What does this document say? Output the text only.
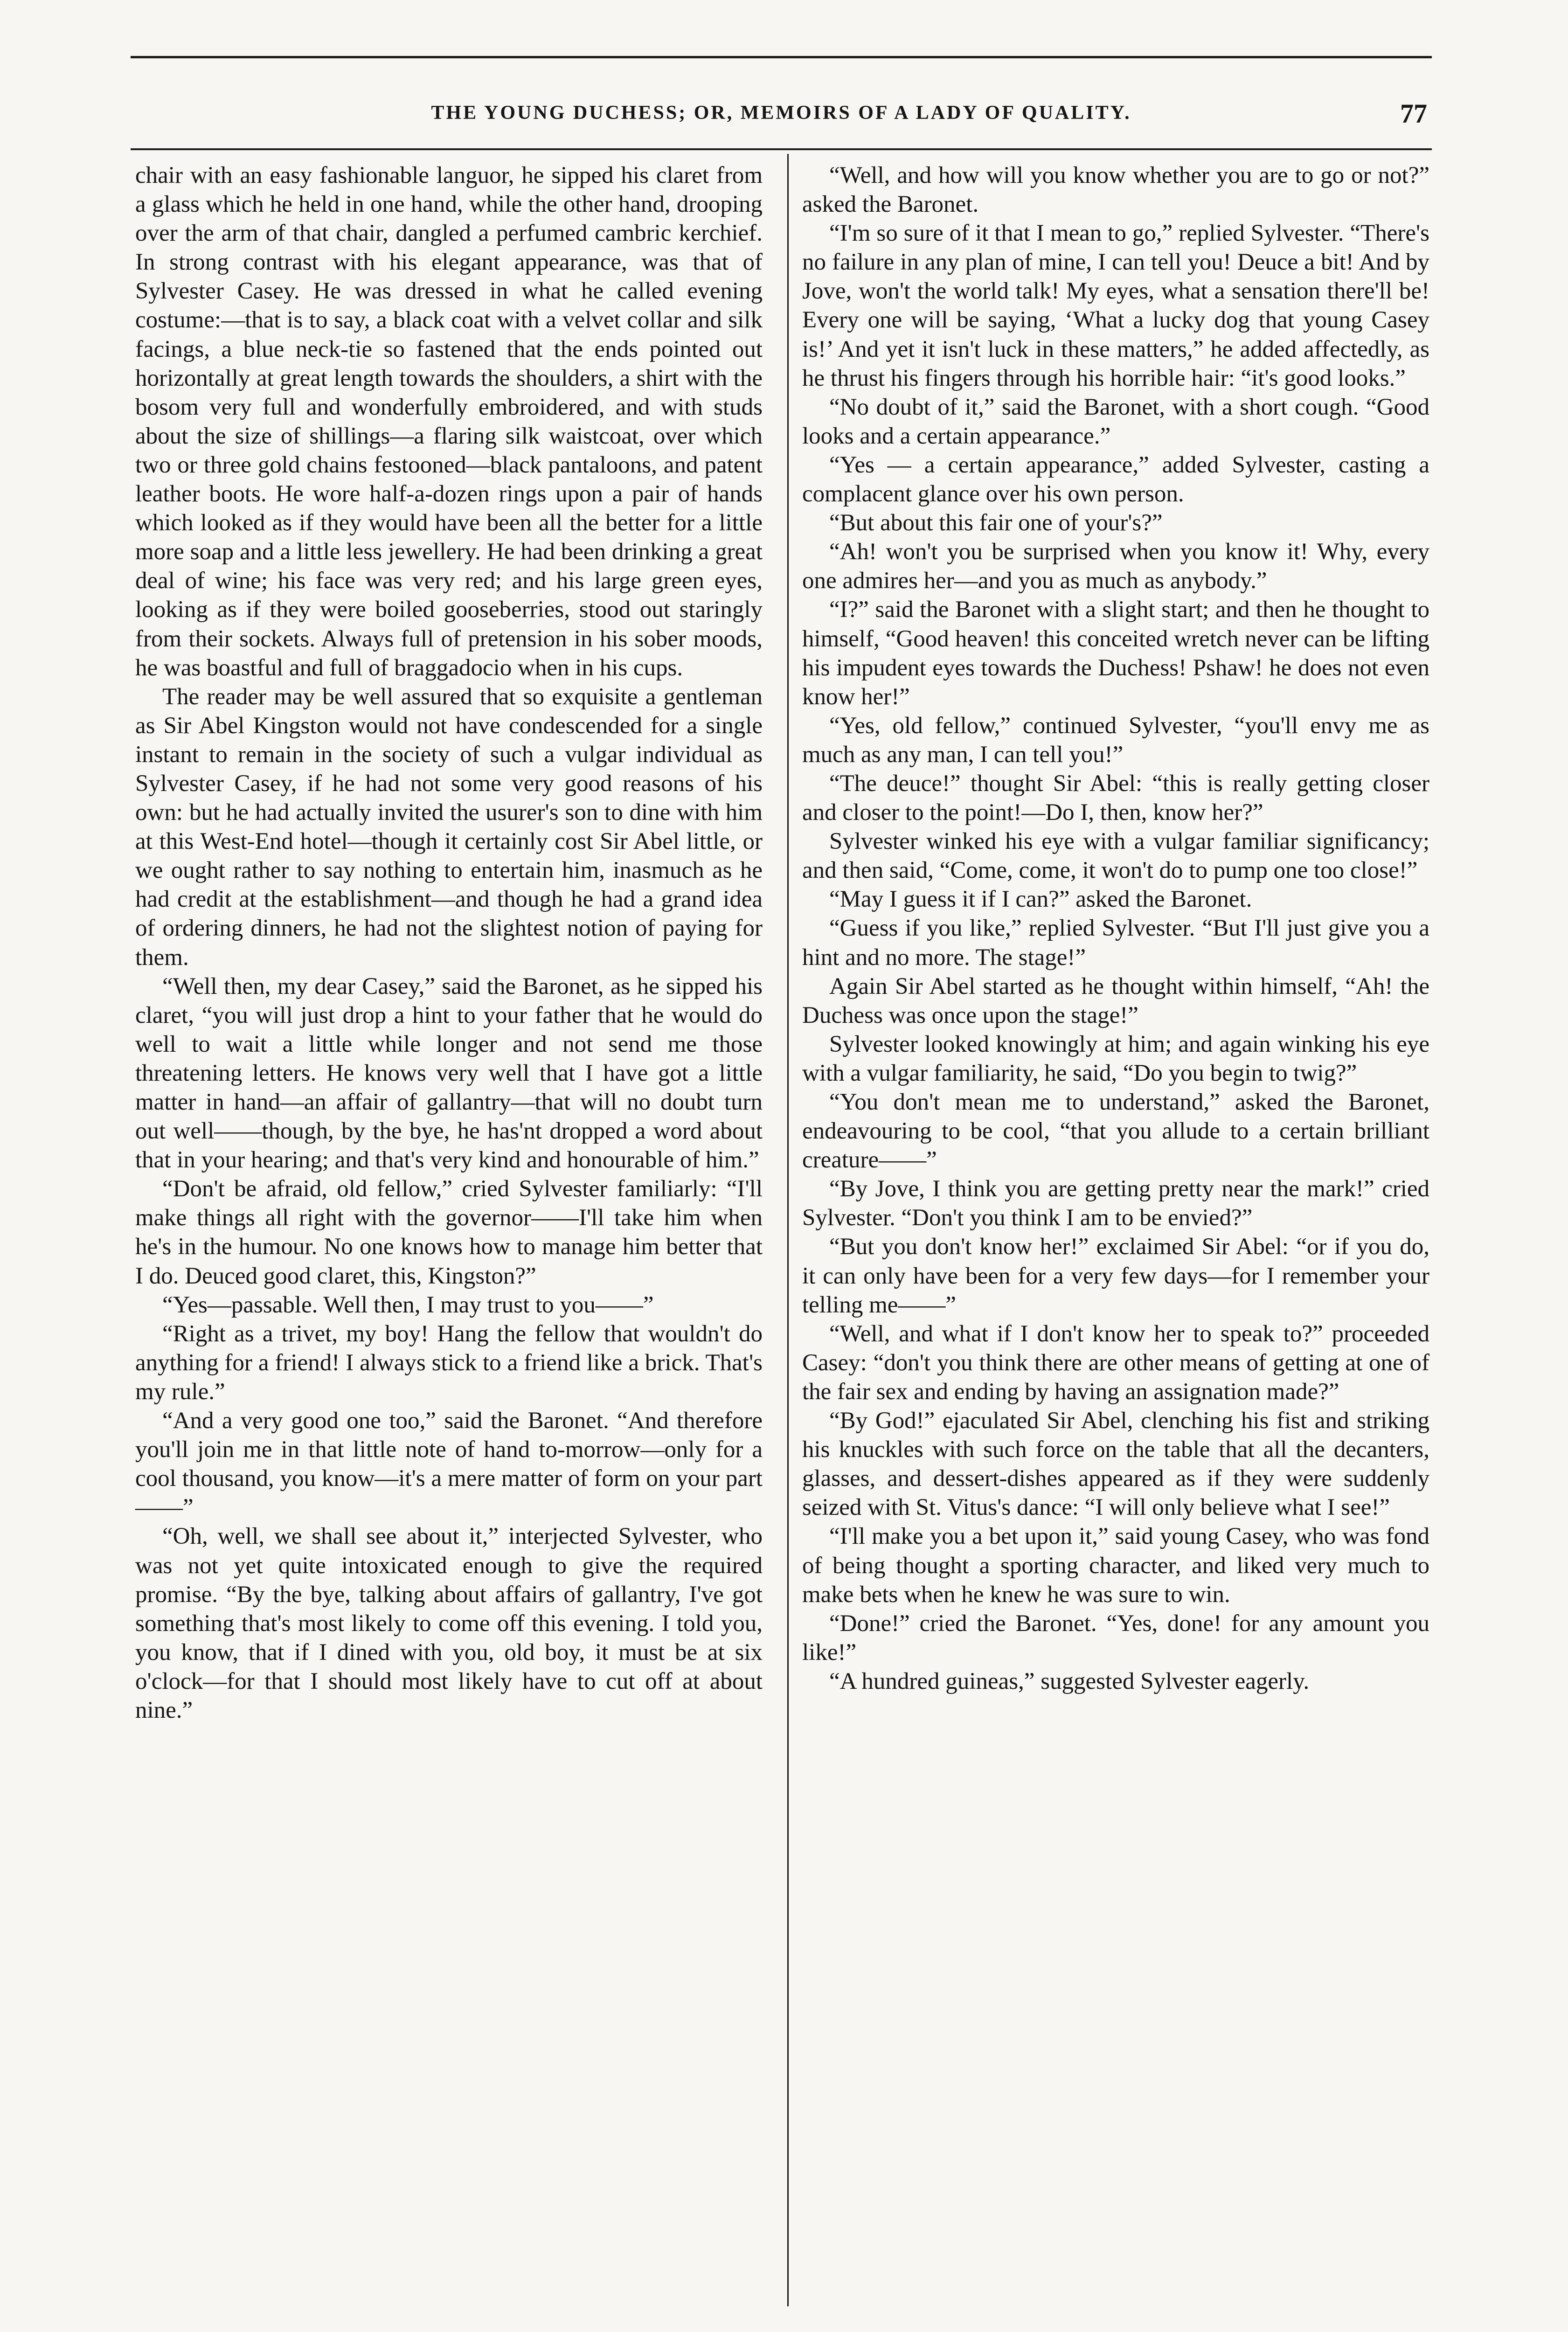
THE YOUNG DUCHESS; OR, MEMOIRS OF A LADY OF QUALITY.	77

chair with an easy fashionable languor, he sipped his claret from a glass which he held in one hand, while the other hand, drooping over the arm of that chair, dangled a perfumed cambric kerchief. In strong contrast with his elegant appearance, was that of Sylvester Casey. He was dressed in what he called evening costume:—that is to say, a black coat with a velvet collar and silk facings, a blue neck-tie so fastened that the ends pointed out horizontally at great length towards the shoulders, a shirt with the bosom very full and wonderfully embroidered, and with studs about the size of shillings—a flaring silk waistcoat, over which two or three gold chains festooned—black pantaloons, and patent leather boots. He wore half-a-dozen rings upon a pair of hands which looked as if they would have been all the better for a little more soap and a little less jewellery. He had been drinking a great deal of wine; his face was very red; and his large green eyes, looking as if they were boiled gooseberries, stood out staringly from their sockets. Always full of pretension in his sober moods, he was boastful and full of braggadocio when in his cups.

The reader may be well assured that so exquisite a gentleman as Sir Abel Kingston would not have condescended for a single instant to remain in the society of such a vulgar individual as Sylvester Casey, if he had not some very good reasons of his own: but he had actually invited the usurer's son to dine with him at this West-End hotel—though it certainly cost Sir Abel little, or we ought rather to say nothing to entertain him, inasmuch as he had credit at the establishment—and though he had a grand idea of ordering dinners, he had not the slightest notion of paying for them.

“Well then, my dear Casey,” said the Baronet, as he sipped his claret, “you will just drop a hint to your father that he would do well to wait a little while longer and not send me those threatening letters. He knows very well that I have got a little matter in hand—an affair of gallantry—that will no doubt turn out well——though, by the bye, he has'nt dropped a word about that in your hearing; and that's very kind and honourable of him.”

“Don't be afraid, old fellow,” cried Sylvester familiarly: “I'll make things all right with the governor——I'll take him when he's in the humour. No one knows how to manage him better that I do. Deuced good claret, this, Kingston?”

“Yes—passable. Well then, I may trust to you——”

“Right as a trivet, my boy! Hang the fellow that wouldn't do anything for a friend! I always stick to a friend like a brick. That's my rule.”

“And a very good one too,” said the Baronet. “And therefore you'll join me in that little note of hand to-morrow—only for a cool thousand, you know—it's a mere matter of form on your part——”

“Oh, well, we shall see about it,” interjected Sylvester, who was not yet quite intoxicated enough to give the required promise. “By the bye, talking about affairs of gallantry, I've got something that's most likely to come off this evening. I told you, you know, that if I dined with you, old boy, it must be at six o'clock—for that I should most likely have to cut off at about nine.”

“Well, and how will you know whether you are to go or not?” asked the Baronet.

“I'm so sure of it that I mean to go,” replied Sylvester. “There's no failure in any plan of mine, I can tell you! Deuce a bit! And by Jove, won't the world talk! My eyes, what a sensation there'll be! Every one will be saying, ‘What a lucky dog that young Casey is!’ And yet it isn't luck in these matters,” he added affectedly, as he thrust his fingers through his horrible hair: “it's good looks.”

“No doubt of it,” said the Baronet, with a short cough. “Good looks and a certain appearance.”

“Yes — a certain appearance,” added Sylvester, casting a complacent glance over his own person.

“But about this fair one of your's?”

“Ah! won't you be surprised when you know it! Why, every one admires her—and you as much as anybody.”

“I?” said the Baronet with a slight start; and then he thought to himself, “Good heaven! this conceited wretch never can be lifting his impudent eyes towards the Duchess! Pshaw! he does not even know her!”

“Yes, old fellow,” continued Sylvester, “you'll envy me as much as any man, I can tell you!”

“The deuce!” thought Sir Abel: “this is really getting closer and closer to the point!—Do I, then, know her?”

Sylvester winked his eye with a vulgar familiar significancy; and then said, “Come, come, it won't do to pump one too close!”

“May I guess it if I can?” asked the Baronet.

“Guess if you like,” replied Sylvester. “But I'll just give you a hint and no more. The stage!”

Again Sir Abel started as he thought within himself, “Ah! the Duchess was once upon the stage!”

Sylvester looked knowingly at him; and again winking his eye with a vulgar familiarity, he said, “Do you begin to twig?”

“You don't mean me to understand,” asked the Baronet, endeavouring to be cool, “that you allude to a certain brilliant creature——”

“By Jove, I think you are getting pretty near the mark!” cried Sylvester. “Don't you think I am to be envied?”

“But you don't know her!” exclaimed Sir Abel: “or if you do, it can only have been for a very few days—for I remember your telling me——”

“Well, and what if I don't know her to speak to?” proceeded Casey: “don't you think there are other means of getting at one of the fair sex and ending by having an assignation made?”

“By God!” ejaculated Sir Abel, clenching his fist and striking his knuckles with such force on the table that all the decanters, glasses, and dessert-dishes appeared as if they were suddenly seized with St. Vitus's dance: “I will only believe what I see!”

“I'll make you a bet upon it,” said young Casey, who was fond of being thought a sporting character, and liked very much to make bets when he knew he was sure to win.

“Done!” cried the Baronet. “Yes, done! for any amount you like!”

“A hundred guineas,” suggested Sylvester eagerly.
